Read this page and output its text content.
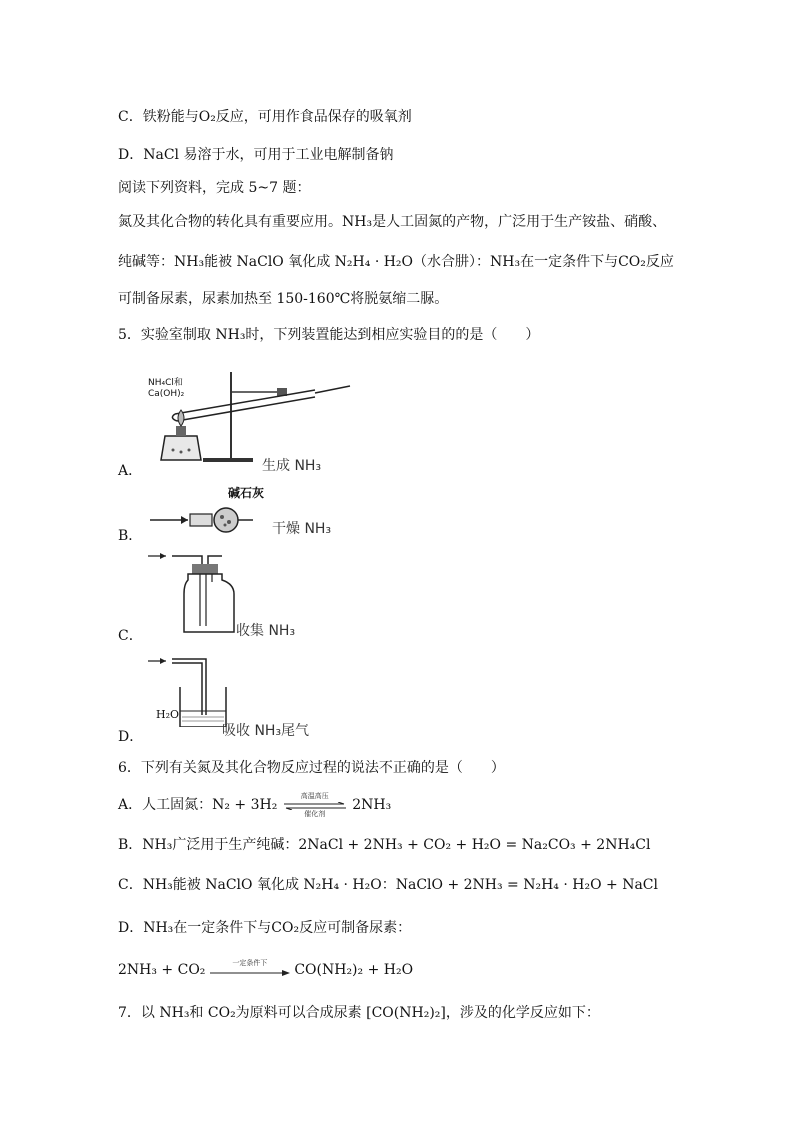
C．铁粉能与O₂反应，可用作食品保存的吸氧剂
D．NaCl 易溶于水，可用于工业电解制备钠
阅读下列资料，完成 5~7 题：
氮及其化合物的转化具有重要应用。NH₃是人工固氮的产物，广泛用于生产铵盐、硝酸、
纯碱等：NH₃能被 NaClO 氧化成 N₂H₄ · H₂O（水合肼）：NH₃在一定条件下与CO₂反应
可制备尿素，尿素加热至 150-160℃将脱氨缩二脲。
5．实验室制取 NH₃时，下列装置能达到相应实验目的的是（　　）
NH₄Cl和
Ca(OH)₂
A．	生成 NH₃
碱石灰
B．	干燥 NH₃
C．	收集 NH₃
H₂O
D．	吸收 NH₃尾气
6．下列有关氮及其化合物反应过程的说法不正确的是（　　）
A．人工固氮：N₂ + 3H₂
高温高压
催化剂
2NH₃
B．NH₃广泛用于生产纯碱：2NaCl + 2NH₃ + CO₂ + H₂O = Na₂CO₃ + 2NH₄Cl
C．NH₃能被 NaClO 氧化成 N₂H₄ · H₂O：NaClO + 2NH₃ = N₂H₄ · H₂O + NaCl
D．NH₃在一定条件下与CO₂反应可制备尿素：
2NH₃ + CO₂	一定条件下	CO(NH₂)₂ + H₂O
7．以 NH₃和 CO₂为原料可以合成尿素 [CO(NH₂)₂]，涉及的化学反应如下：
